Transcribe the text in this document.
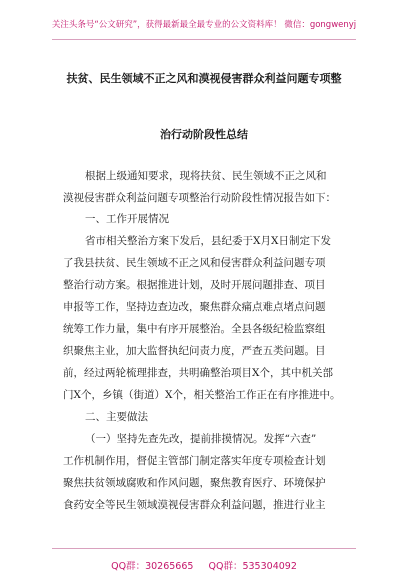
关注头条号“公文研究”，获得最新最全最专业的公文资料库！ 微信：gongwenyj
扶贫、民生领域不正之风和漠视侵害群众利益问题专项整
治行动阶段性总结
根据上级通知要求，现将扶贫、民生领域不正之风和
漠视侵害群众利益问题专项整治行动阶段性情况报告如下：
一、工作开展情况
省市相关整治方案下发后，县纪委于X月X日制定下发
了我县扶贫、民生领域不正之风和侵害群众利益问题专项
整治行动方案。根据推进计划，及时开展问题排查、项目
申报等工作，坚持边查边改，聚焦群众痛点难点堵点问题
统筹工作力量，集中有序开展整治。全县各级纪检监察组
织聚焦主业，加大监督执纪问责力度，严查五类问题。目
前，经过两轮梳理排查，共明确整治项目X个，其中机关部
门X个，乡镇（街道）X个，相关整治工作正在有序推进中。
二、主要做法
（一）坚持先查先改，提前排摸情况。发挥“六查”
工作机制作用，督促主管部门制定落实年度专项检查计划
聚焦扶贫领域腐败和作风问题，聚焦教育医疗、环境保护
食药安全等民生领域漠视侵害群众利益问题，推进行业主
QQ群：30265665     QQ群：535304092
